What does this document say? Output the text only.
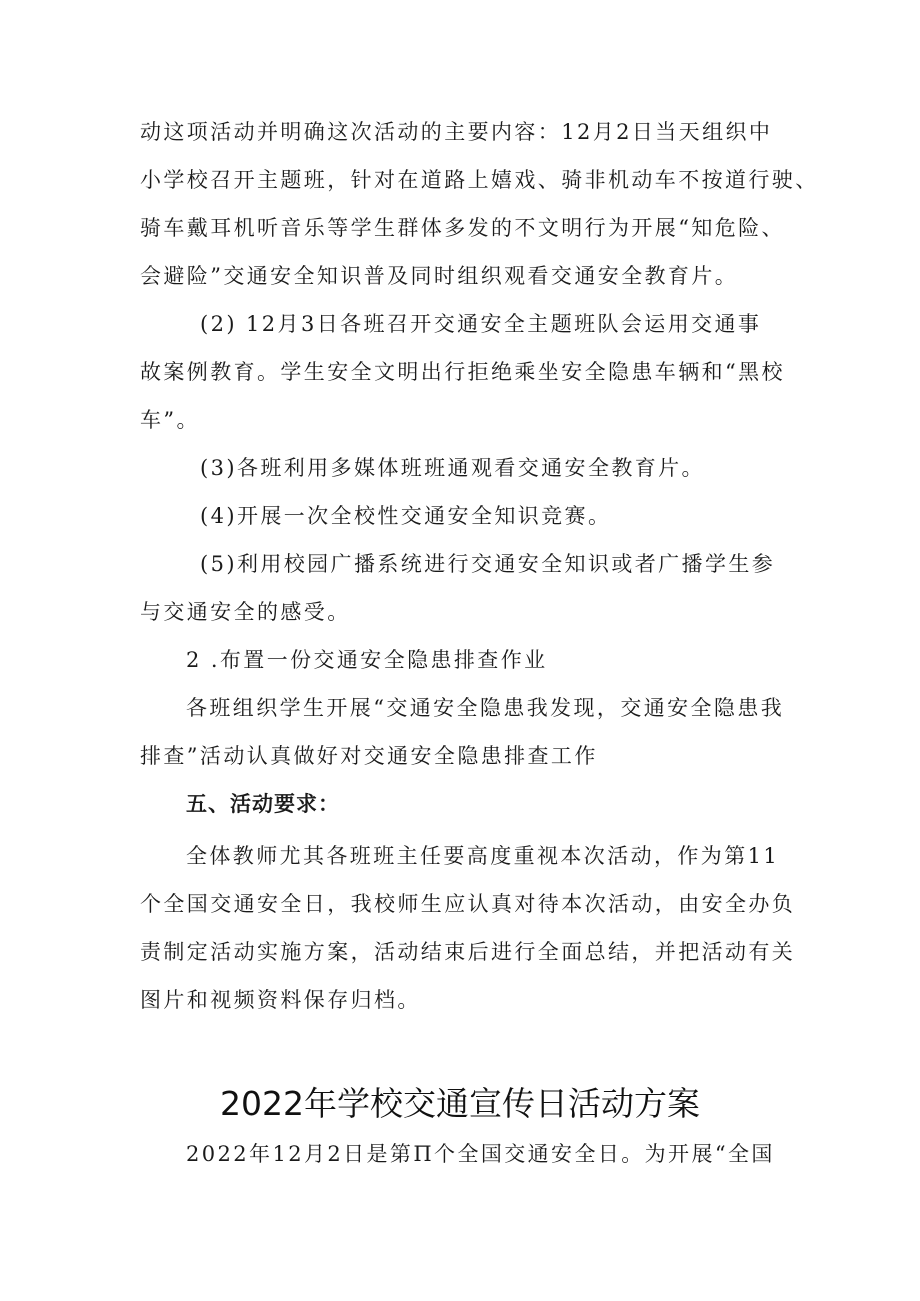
动这项活动并明确这次活动的主要内容：12月2日当天组织中
小学校召开主题班，针对在道路上嬉戏、骑非机动车不按道行驶、
骑车戴耳机听音乐等学生群体多发的不文明行为开展“知危险、
会避险”交通安全知识普及同时组织观看交通安全教育片。
(2) 12月3日各班召开交通安全主题班队会运用交通事
故案例教育。学生安全文明出行拒绝乘坐安全隐患车辆和“黑校
车”。
(3)各班利用多媒体班班通观看交通安全教育片。
(4)开展一次全校性交通安全知识竞赛。
(5)利用校园广播系统进行交通安全知识或者广播学生参
与交通安全的感受。
2 .布置一份交通安全隐患排查作业
各班组织学生开展“交通安全隐患我发现，交通安全隐患我
排查”活动认真做好对交通安全隐患排查工作
五、活动要求：
全体教师尤其各班班主任要高度重视本次活动，作为第11
个全国交通安全日，我校师生应认真对待本次活动，由安全办负
责制定活动实施方案，活动结束后进行全面总结，并把活动有关
图片和视频资料保存归档。
2022年学校交通宣传日活动方案
2022年12月2日是第Π个全国交通安全日。为开展“全国
